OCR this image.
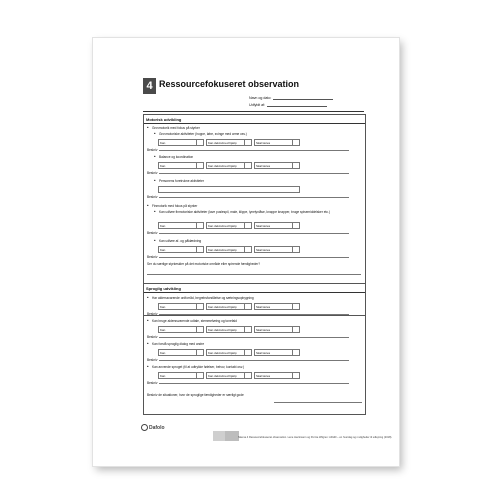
4 Ressourcefokuseret observation
Navn og dato:
Udfyldt af:
Motorisk udvikling
• Grovmotorik med fokus på styrker
• Grovmotoriske aktiviteter (hoppe, løbe, svinge med arme osv.)
Kan	Kan delvis/med hjælp	Skal læres
Beskriv
• Balance og koordination
Kan	Kan delvis/med hjælp	Skal læres
Beskriv
• Personens foretrukne aktiviteter
Beskriv
• Finmotorik med fokus på styrker
• Kan udføre finmotoriske aktiviteter (lave puslespil, male, klippe, lynelynlåse, knappe knapper, bruge spisemiddelsker etc.)
Kan	Kan delvis/med hjælp	Skal læres
Beskriv
• Kan udføre af- og påklædning
Kan	Kan delvis/med hjælp	Skal læres
Beskriv
Ser du særlige styrkesider på det motoriske område eller spirende færdigheder?
Sproglig udvikling
• Har alderssvarende ordforråd, begrebsforståelse og sætningsopbygning
Kan	Kan delvis/med hjælp	Skal læres
Beskriv
• Kan bruge alderssvarende udtale, stemmeføring og tonefald
Kan	Kan delvis/med hjælp	Skal læres
Beskriv
• Kan forstå sproglig dialog med andre
Kan	Kan delvis/med hjælp	Skal læres
Beskriv
• Kan anvende sproget (til at udtrykke følelser, behov, kontakt osv.)
Kan	Kan delvis/med hjælp	Skal læres
Beskriv
Beskriv de situationer, hvor de sproglige færdigheder er særligt gode
Dafolo
Skema 4 Ressourcefokuseret observation. Lene Heckmann og Pernie Wilgren: ADHD – en hverdag og muligheder til udlejning (2018).
